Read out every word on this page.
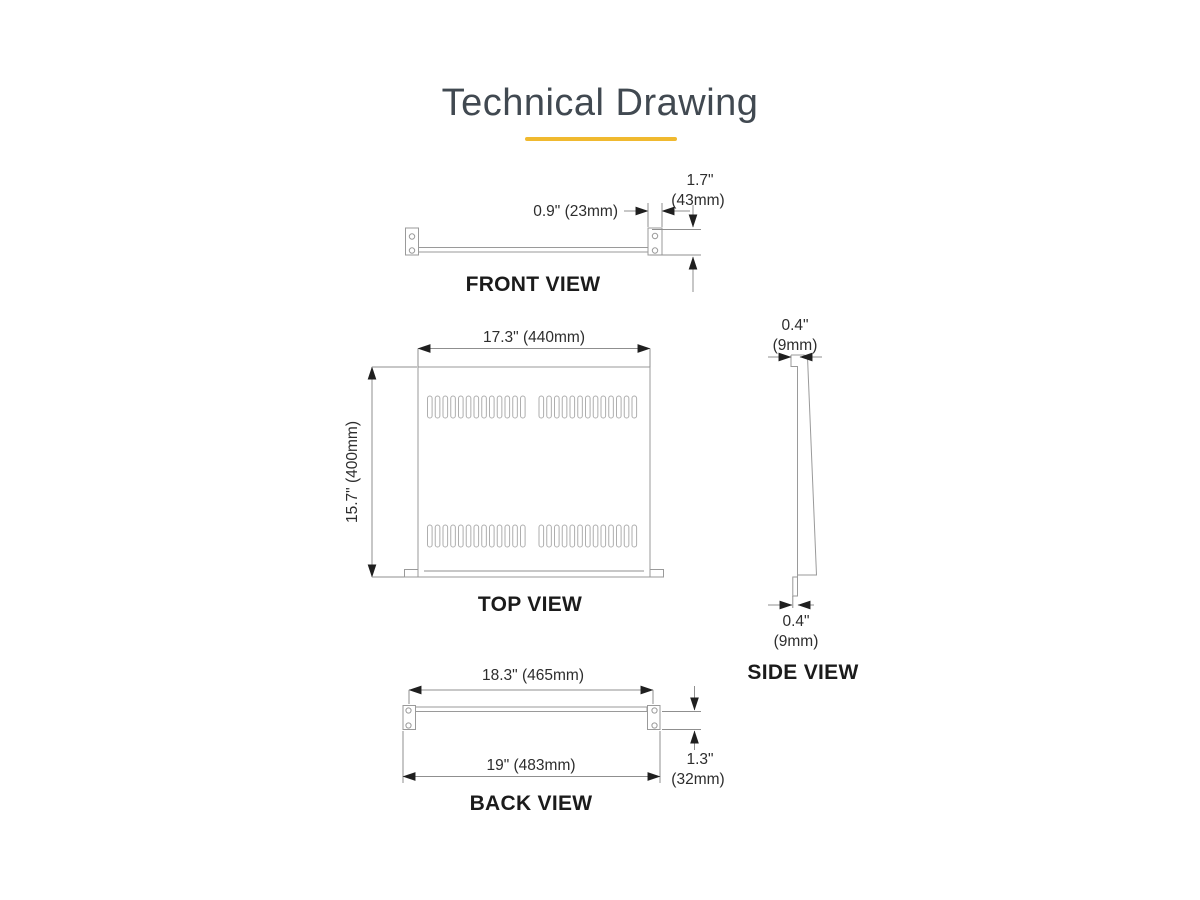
Technical Drawing
0.9" (23mm)
1.7"
(43mm)
FRONT VIEW
17.3" (440mm)
15.7" (400mm)
TOP VIEW
0.4"
(9mm)
0.4"
(9mm)
SIDE VIEW
18.3" (465mm)
19" (483mm)	1.3"
(32mm)
BACK VIEW
